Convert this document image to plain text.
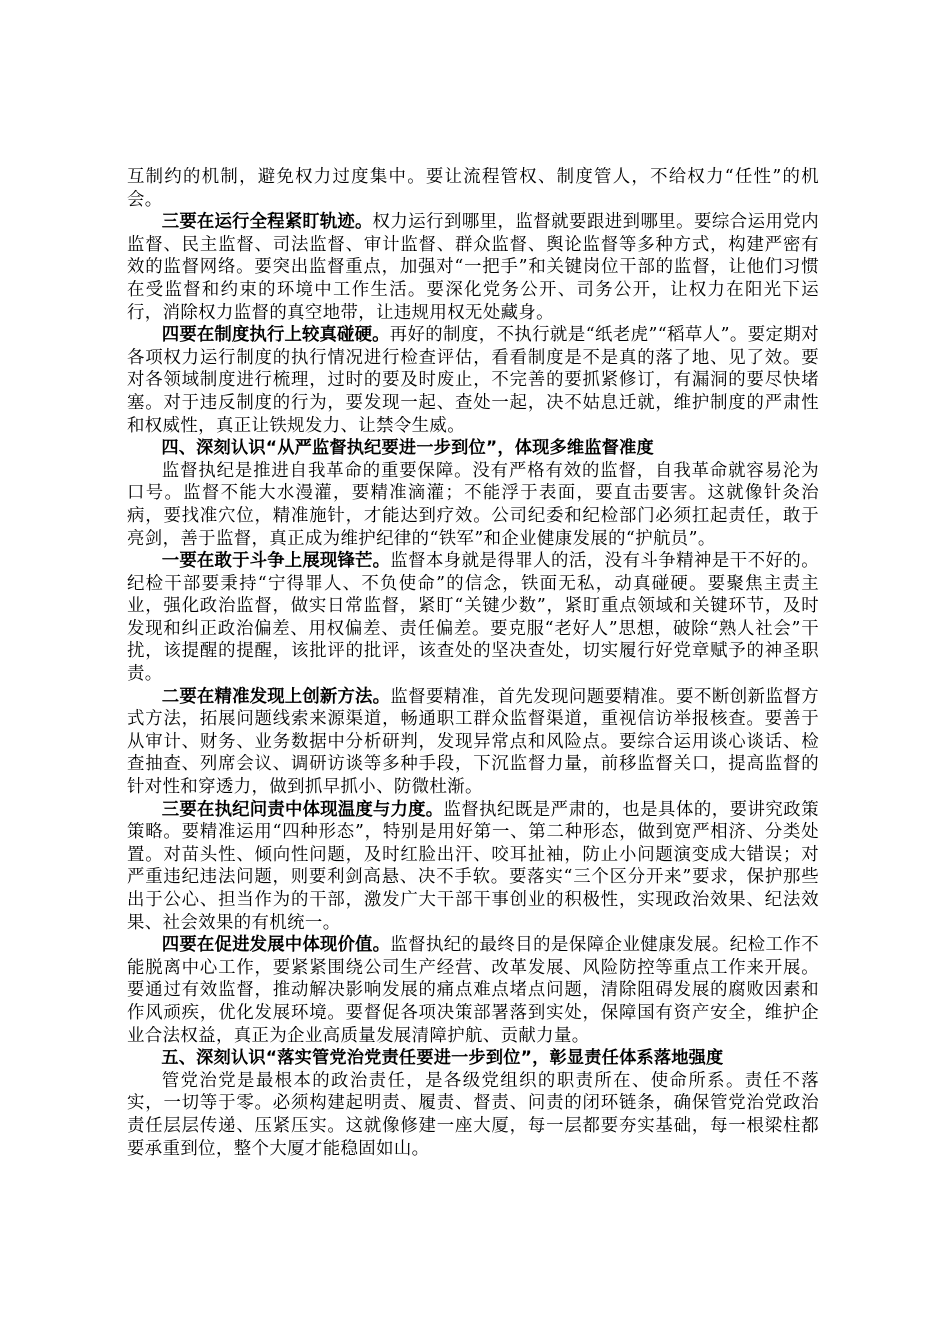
互制约的机制，避免权力过度集中。要让流程管权、制度管人，不给权力“任性”的机会。

三要在运行全程紧盯轨迹。权力运行到哪里，监督就要跟进到哪里。要综合运用党内监督、民主监督、司法监督、审计监督、群众监督、舆论监督等多种方式，构建严密有效的监督网络。要突出监督重点，加强对“一把手”和关键岗位干部的监督，让他们习惯在受监督和约束的环境中工作生活。要深化党务公开、司务公开，让权力在阳光下运行，消除权力监督的真空地带，让违规用权无处藏身。

四要在制度执行上较真碰硬。再好的制度，不执行就是“纸老虎”“稻草人”。要定期对各项权力运行制度的执行情况进行检查评估，看看制度是不是真的落了地、见了效。要对各领域制度进行梳理，过时的要及时废止，不完善的要抓紧修订，有漏洞的要尽快堵塞。对于违反制度的行为，要发现一起、查处一起，决不姑息迁就，维护制度的严肃性和权威性，真正让铁规发力、让禁令生威。

四、深刻认识“从严监督执纪要进一步到位”，体现多维监督准度

监督执纪是推进自我革命的重要保障。没有严格有效的监督，自我革命就容易沦为口号。监督不能大水漫灌，要精准滴灌；不能浮于表面，要直击要害。这就像针灸治病，要找准穴位，精准施针，才能达到疗效。公司纪委和纪检部门必须扛起责任，敢于亮剑，善于监督，真正成为维护纪律的“铁军”和企业健康发展的“护航员”。

一要在敢于斗争上展现锋芒。监督本身就是得罪人的活，没有斗争精神是干不好的。纪检干部要秉持“宁得罪人、不负使命”的信念，铁面无私，动真碰硬。要聚焦主责主业，强化政治监督，做实日常监督，紧盯“关键少数”，紧盯重点领域和关键环节，及时发现和纠正政治偏差、用权偏差、责任偏差。要克服“老好人”思想，破除“熟人社会”干扰，该提醒的提醒，该批评的批评，该查处的坚决查处，切实履行好党章赋予的神圣职责。

二要在精准发现上创新方法。监督要精准，首先发现问题要精准。要不断创新监督方式方法，拓展问题线索来源渠道，畅通职工群众监督渠道，重视信访举报核查。要善于从审计、财务、业务数据中分析研判，发现异常点和风险点。要综合运用谈心谈话、检查抽查、列席会议、调研访谈等多种手段，下沉监督力量，前移监督关口，提高监督的针对性和穿透力，做到抓早抓小、防微杜渐。

三要在执纪问责中体现温度与力度。监督执纪既是严肃的，也是具体的，要讲究政策策略。要精准运用“四种形态”，特别是用好第一、第二种形态，做到宽严相济、分类处置。对苗头性、倾向性问题，及时红脸出汗、咬耳扯袖，防止小问题演变成大错误；对严重违纪违法问题，则要利剑高悬、决不手软。要落实“三个区分开来”要求，保护那些出于公心、担当作为的干部，激发广大干部干事创业的积极性，实现政治效果、纪法效果、社会效果的有机统一。

四要在促进发展中体现价值。监督执纪的最终目的是保障企业健康发展。纪检工作不能脱离中心工作，要紧紧围绕公司生产经营、改革发展、风险防控等重点工作来开展。要通过有效监督，推动解决影响发展的痛点难点堵点问题，清除阻碍发展的腐败因素和作风顽疾，优化发展环境。要督促各项决策部署落到实处，保障国有资产安全，维护企业合法权益，真正为企业高质量发展清障护航、贡献力量。

五、深刻认识“落实管党治党责任要进一步到位”，彰显责任体系落地强度

管党治党是最根本的政治责任，是各级党组织的职责所在、使命所系。责任不落实，一切等于零。必须构建起明责、履责、督责、问责的闭环链条，确保管党治党政治责任层层传递、压紧压实。这就像修建一座大厦，每一层都要夯实基础，每一根梁柱都要承重到位，整个大厦才能稳固如山。
